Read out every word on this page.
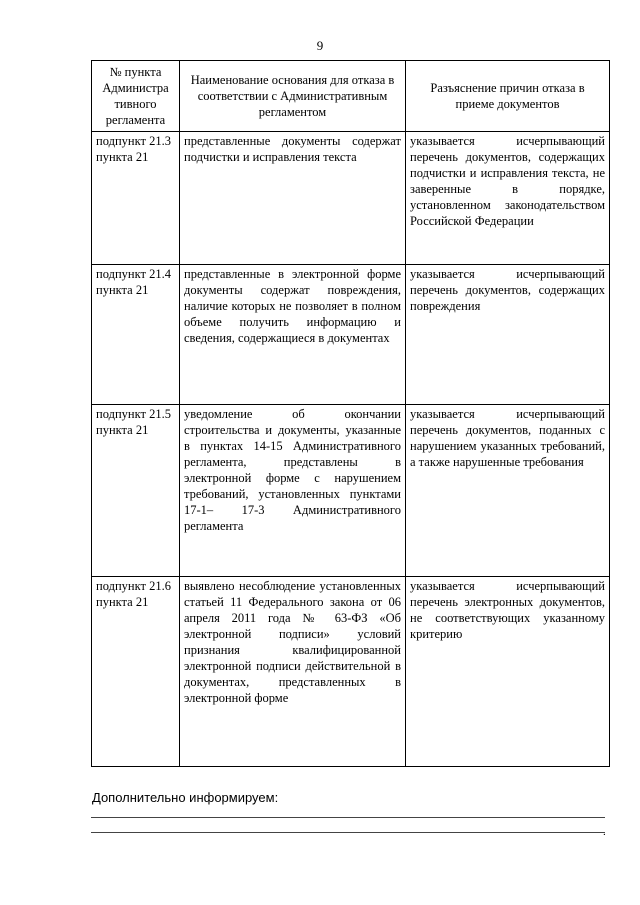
9
№ пункта Администра тивного регламента	Наименование основания для отказа в соответствии с Административным регламентом	Разъяснение причин отказа в приеме документов
подпункт 21.3 пункта 21	представленные документы содержат подчистки и исправления текста	указывается исчерпывающий перечень документов, содержащих подчистки и исправления текста, не заверенные в порядке, установленном законодательством Российской Федерации
подпункт 21.4 пункта 21	представленные в электронной форме документы содержат повреждения, наличие которых не позволяет в полном объеме получить информацию и сведения, содержащиеся в документах	указывается исчерпывающий перечень документов, содержащих повреждения
подпункт 21.5 пункта 21	уведомление об окончании строительства и документы, указанные в пунктах 14-15 Административного регламента, представлены в электронной форме с нарушением требований, установленных пунктами 17-1– 17-3 Административного регламента	указывается исчерпывающий перечень документов, поданных с нарушением указанных требований, а также нарушенные требования
подпункт 21.6 пункта 21	выявлено несоблюдение установленных статьей 11 Федерального закона от 06 апреля 2011 года № 63-ФЗ «Об электронной подписи» условий признания квалифицированной электронной подписи действительной в документах, представленных в электронной форме	указывается исчерпывающий перечень электронных документов, не соответствующих указанному критерию
Дополнительно информируем:
.
